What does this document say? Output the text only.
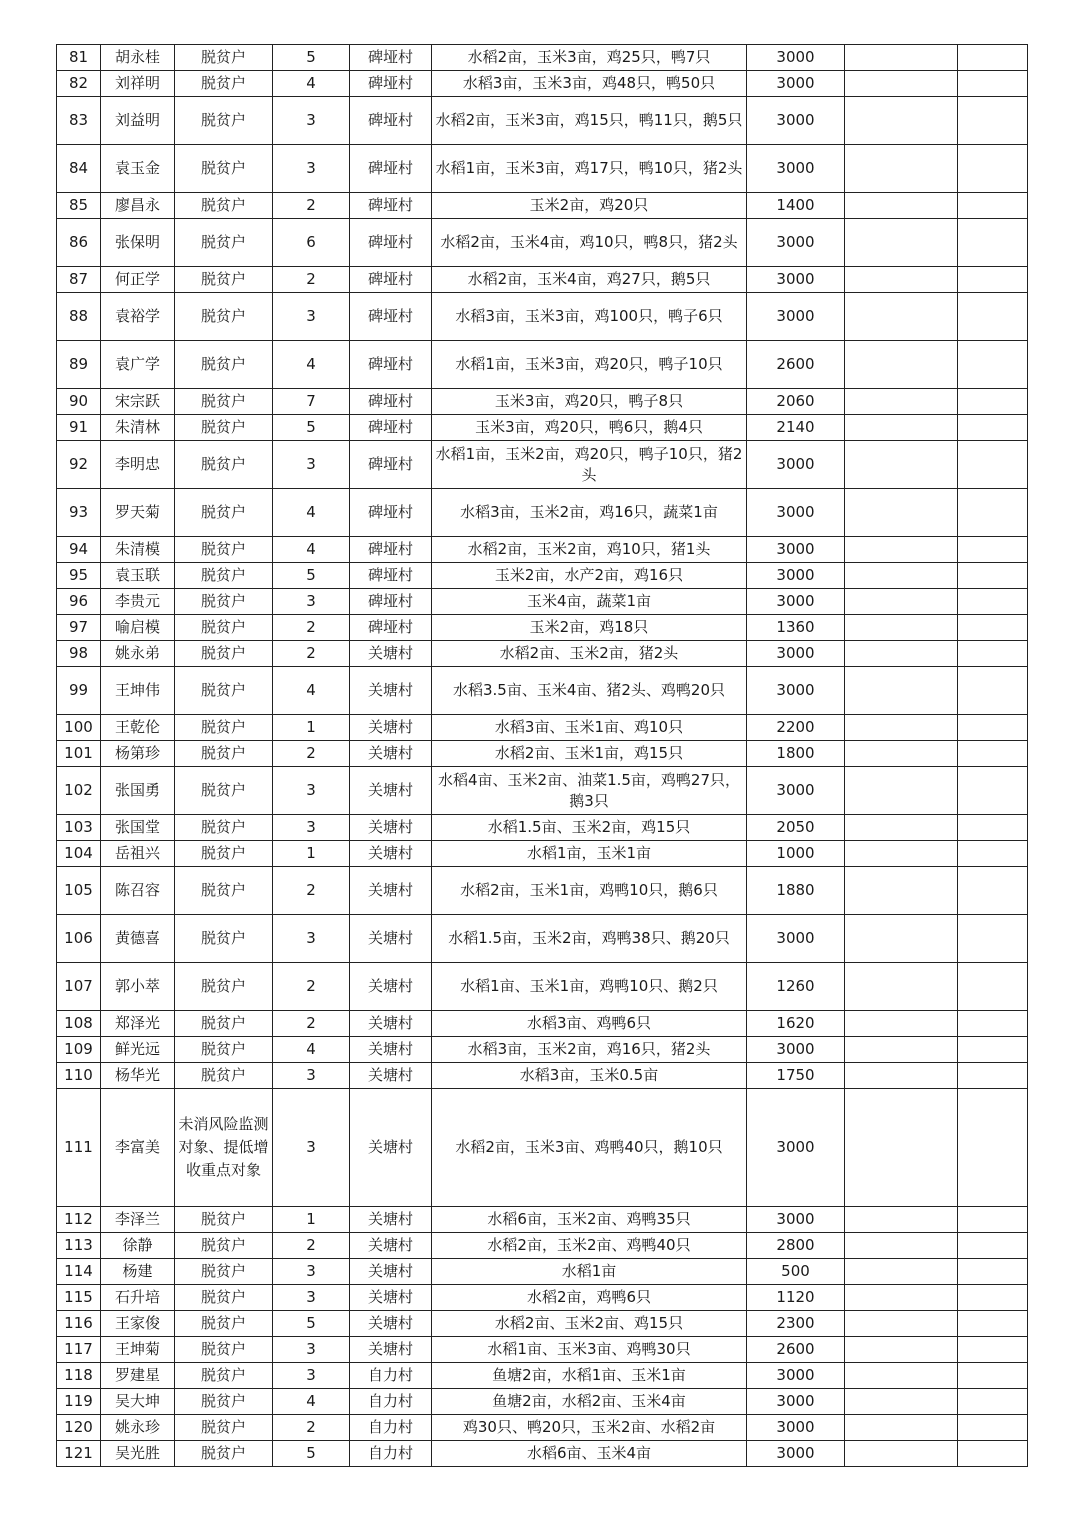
81	胡永桂	脱贫户	5	碑垭村	水稻2亩，玉米3亩，鸡25只，鸭7只	3000		
82	刘祥明	脱贫户	4	碑垭村	水稻3亩，玉米3亩，鸡48只，鸭50只	3000		
83	刘益明	脱贫户	3	碑垭村	水稻2亩，玉米3亩，鸡15只，鸭11只，鹅5只	3000		
84	袁玉金	脱贫户	3	碑垭村	水稻1亩，玉米3亩，鸡17只，鸭10只，猪2头	3000		
85	廖昌永	脱贫户	2	碑垭村	玉米2亩，鸡20只	1400		
86	张保明	脱贫户	6	碑垭村	水稻2亩，玉米4亩，鸡10只，鸭8只，猪2头	3000		
87	何正学	脱贫户	2	碑垭村	水稻2亩，玉米4亩，鸡27只，鹅5只	3000		
88	袁裕学	脱贫户	3	碑垭村	水稻3亩，玉米3亩，鸡100只，鸭子6只	3000		
89	袁广学	脱贫户	4	碑垭村	水稻1亩，玉米3亩，鸡20只，鸭子10只	2600		
90	宋宗跃	脱贫户	7	碑垭村	玉米3亩，鸡20只，鸭子8只	2060		
91	朱清林	脱贫户	5	碑垭村	玉米3亩，鸡20只，鸭6只，鹅4只	2140		
92	李明忠	脱贫户	3	碑垭村	水稻1亩，玉米2亩，鸡20只，鸭子10只，猪2头	3000		
93	罗天菊	脱贫户	4	碑垭村	水稻3亩，玉米2亩，鸡16只，蔬菜1亩	3000		
94	朱清模	脱贫户	4	碑垭村	水稻2亩，玉米2亩，鸡10只，猪1头	3000		
95	袁玉联	脱贫户	5	碑垭村	玉米2亩，水产2亩，鸡16只	3000		
96	李贵元	脱贫户	3	碑垭村	玉米4亩，蔬菜1亩	3000		
97	喻启模	脱贫户	2	碑垭村	玉米2亩，鸡18只	1360		
98	姚永弟	脱贫户	2	关塘村	水稻2亩、玉米2亩，猪2头	3000		
99	王坤伟	脱贫户	4	关塘村	水稻3.5亩、玉米4亩、猪2头、鸡鸭20只	3000		
100	王乾伦	脱贫户	1	关塘村	水稻3亩、玉米1亩、鸡10只	2200		
101	杨第珍	脱贫户	2	关塘村	水稻2亩、玉米1亩，鸡15只	1800		
102	张国勇	脱贫户	3	关塘村	水稻4亩、玉米2亩、油菜1.5亩，鸡鸭27只，鹅3只	3000		
103	张国堂	脱贫户	3	关塘村	水稻1.5亩、玉米2亩，鸡15只	2050		
104	岳祖兴	脱贫户	1	关塘村	水稻1亩，玉米1亩	1000		
105	陈召容	脱贫户	2	关塘村	水稻2亩，玉米1亩，鸡鸭10只，鹅6只	1880		
106	黄德喜	脱贫户	3	关塘村	水稻1.5亩，玉米2亩，鸡鸭38只、鹅20只	3000		
107	郭小萃	脱贫户	2	关塘村	水稻1亩、玉米1亩，鸡鸭10只、鹅2只	1260		
108	郑泽光	脱贫户	2	关塘村	水稻3亩、鸡鸭6只	1620		
109	鲜光远	脱贫户	4	关塘村	水稻3亩，玉米2亩，鸡16只，猪2头	3000		
110	杨华光	脱贫户	3	关塘村	水稻3亩，玉米0.5亩	1750		
111	李富美	未消风险监测对象、提低增收重点对象	3	关塘村	水稻2亩，玉米3亩、鸡鸭40只，鹅10只	3000		
112	李泽兰	脱贫户	1	关塘村	水稻6亩，玉米2亩、鸡鸭35只	3000		
113	徐静	脱贫户	2	关塘村	水稻2亩，玉米2亩、鸡鸭40只	2800		
114	杨建	脱贫户	3	关塘村	水稻1亩	500		
115	石升培	脱贫户	3	关塘村	水稻2亩，鸡鸭6只	1120		
116	王家俊	脱贫户	5	关塘村	水稻2亩、玉米2亩、鸡15只	2300		
117	王坤菊	脱贫户	3	关塘村	水稻1亩、玉米3亩、鸡鸭30只	2600		
118	罗建星	脱贫户	3	自力村	鱼塘2亩，水稻1亩、玉米1亩	3000		
119	吴大坤	脱贫户	4	自力村	鱼塘2亩，水稻2亩、玉米4亩	3000		
120	姚永珍	脱贫户	2	自力村	鸡30只、鸭20只，玉米2亩、水稻2亩	3000		
121	吴光胜	脱贫户	5	自力村	水稻6亩、玉米4亩	3000		
